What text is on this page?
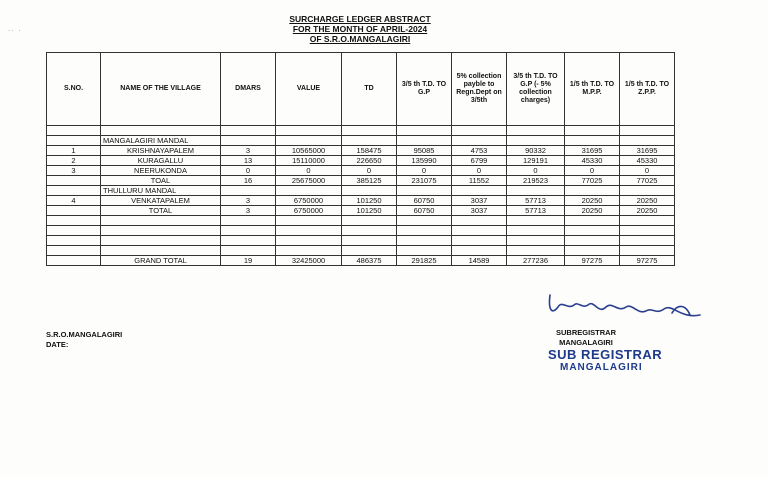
· ·   ·
SURCHARGE LEDGER ABSTRACT
FOR THE MONTH OF APRIL-2024
OF S.R.O.MANGALAGIRI
S.NO.	NAME OF THE VILLAGE	DMARS	VALUE	TD	3/5 th T.D. TO G.P	5% collection payble to Regn.Dept on 3/5th	3/5 th T.D. TO G.P (- 5% collection charges)	1/5 th T.D. TO M.P.P.	1/5 th T.D. TO Z.P.P.

	MANGALAGIRI MANDAL								
1	KRISHNAYAPALEM	3	10565000	158475	95085	4753	90332	31695	31695
2	KURAGALLU	13	15110000	226650	135990	6799	129191	45330	45330
3	NEERUKONDA	0	0	0	0	0	0	0	0
	TOAL	16	25675000	385125	231075	11552	219523	77025	77025
	THULLURU MANDAL								
4	VENKATAPALEM	3	6750000	101250	60750	3037	57713	20250	20250
	TOTAL	3	6750000	101250	60750	3037	57713	20250	20250

	GRAND TOTAL	19	32425000	486375	291825	14589	277236	97275	97275
S.R.O.MANGALAGIRI
DATE:
SUBREGISTRAR
MANGALAGIRI
SUB REGISTRAR
MANGALAGIRI
